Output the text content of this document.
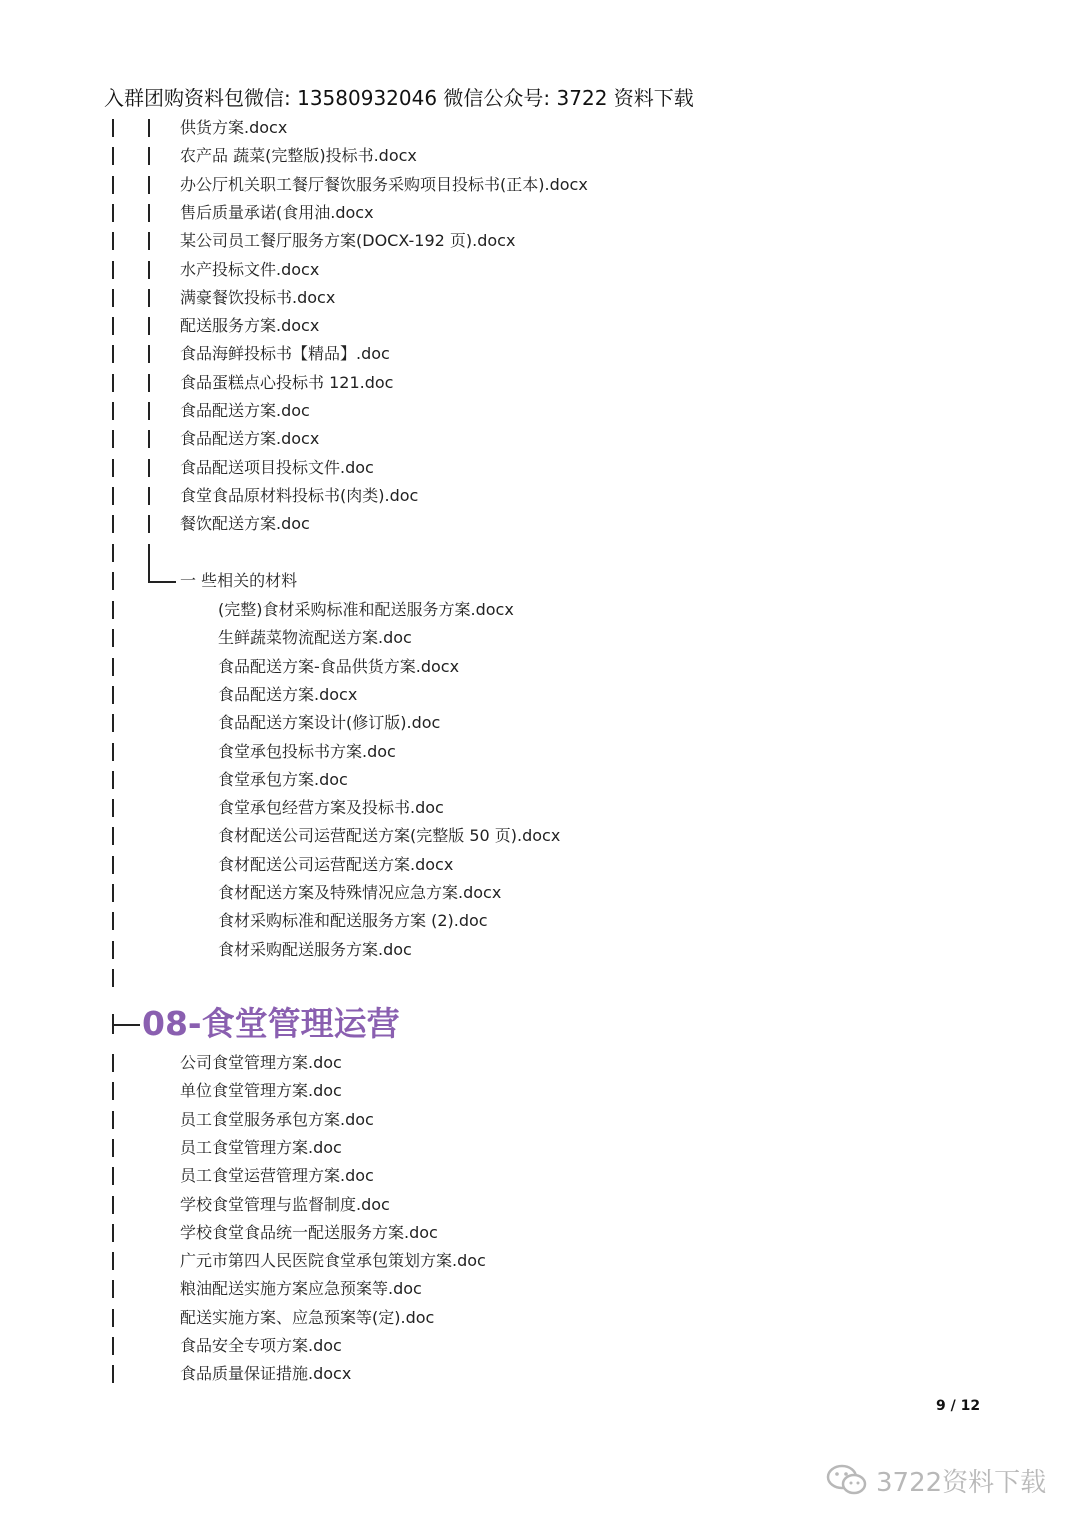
入群团购资料包微信: 13580932046 微信公众号: 3722 资料下载
供货方案.docx
农产品 蔬菜(完整版)投标书.docx
办公厅机关职工餐厅餐饮服务采购项目投标书(正本).docx
售后质量承诺(食用油.docx
某公司员工餐厅服务方案(DOCX-192 页).docx
水产投标文件.docx
满豪餐饮投标书.docx
配送服务方案.docx
食品海鲜投标书【精品】.doc
食品蛋糕点心投标书 121.doc
食品配送方案.doc
食品配送方案.docx
食品配送项目投标文件.doc
食堂食品原材料投标书(肉类).doc
餐饮配送方案.doc
一 些相关的材料
(完整)食材采购标准和配送服务方案.docx
生鲜蔬菜物流配送方案.doc
食品配送方案-食品供货方案.docx
食品配送方案.docx
食品配送方案设计(修订版).doc
食堂承包投标书方案.doc
食堂承包方案.doc
食堂承包经营方案及投标书.doc
食材配送公司运营配送方案(完整版 50 页).docx
食材配送公司运营配送方案.docx
食材配送方案及特殊情况应急方案.docx
食材采购标准和配送服务方案 (2).doc
食材采购配送服务方案.doc
08-食堂管理运营
公司食堂管理方案.doc
单位食堂管理方案.doc
员工食堂服务承包方案.doc
员工食堂管理方案.doc
员工食堂运营管理方案.doc
学校食堂管理与监督制度.doc
学校食堂食品统一配送服务方案.doc
广元市第四人民医院食堂承包策划方案.doc
粮油配送实施方案应急预案等.doc
配送实施方案、应急预案等(定).doc
食品安全专项方案.doc
食品质量保证措施.docx
9 / 12
3722资料下载
